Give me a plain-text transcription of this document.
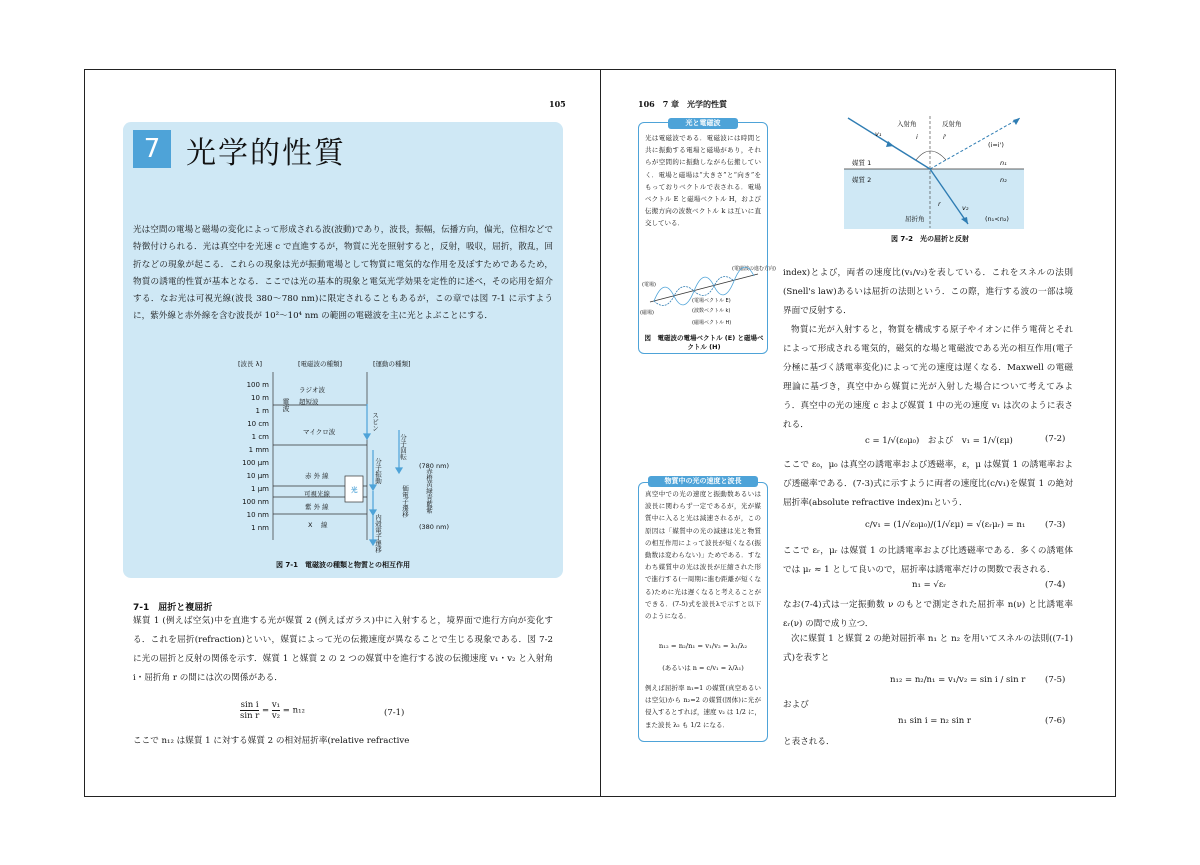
105
7 光学的性質

光は空間の電場と磁場の変化によって形成される波(波動)であり，波長，振幅，伝播方向，偏光，位相などで特徴付けられる．光は真空中を光速 c で直進するが，物質に光を照射すると，反射，吸収，屈折，散乱，回折などの現象が起こる．これらの現象は光が振動電場として物質に電気的な作用を及ぼすためであるため，物質の誘電的性質が基本となる．ここでは光の基本的現象と電気光学効果を定性的に述べ，その応用を紹介する．なお光は可視光線(波長 380～780 nm)に限定されることもあるが，この章では図 7-1 に示すように，紫外線と赤外線を含む波長が 10²～10⁴ nm の範囲の電磁波を主に光とよぶことにする．

[波長 λ]	[電磁波の種類]	[運動の種類]
100 m
10 m
1 m
10 cm
1 cm
1 mm
100 μm
10 μm
1 μm
100 nm
10 nm
1 nm
電波
ラジオ波
超短波
マイクロ波
赤 外 線
可視光線
紫 外 線
X　 線
光
スピン
分子回転
分子振動
価電子遷移
内殻電子遷移
赤橙黄緑青藍紫
(780 nm)
(380 nm)
図 7-1　電磁波の種類と物質との相互作用
7-1　屈折と複屈折

媒質 1 (例えば空気)中を直進する光が媒質 2 (例えばガラス)中に入射すると，境界面で進行方向が変化する．これを屈折(refraction)といい，媒質によって光の伝搬速度が異なることで生じる現象である．図 7-2 に光の屈折と反射の関係を示す．媒質 1 と媒質 2 の 2 つの媒質中を進行する波の伝搬速度 v₁・v₂ と入射角 i・屈折角 r の間には次の関係がある．

$\frac{\text{sin i}}{\text{sin r}} = \frac{\text{v₁}}{\text{v₂}} = n_{12}$	(7-1)

ここで n₁₂ は媒質 1 に対する媒質 2 の相対屈折率(relative refractive

106　7 章　光学的性質
光と電磁波

光は電磁波である．電磁波には時間と共に振動する電場と磁場があり，それらが空間的に振動しながら伝搬していく．電場と磁場は“大きさ”と“向き”をもっておりベクトルで表される．電場ベクトル E と磁場ベクトル H，および伝搬方向の波数ベクトル k は互いに直交している．

(電磁波の進む方向)
(電場)
(磁場)
(電場ベクトル E)
(波数ベクトル k)
(磁場ベクトル H)
図　電磁波の電場ベクトル (E) と磁場ベクトル (H)
物質中の光の速度と波長

真空中での光の速度と振動数あるいは波長に関わらず一定であるが，光が媒質中に入ると光は減速されるが，この原因は「媒質中の光の減速は光と物質の相互作用によって波長が短くなる(振動数は変わらない)」ためである．すなわち媒質中の光は波長が圧縮された形で進行する(一周期に進む距離が短くなる)ために光は遅くなると考えることができる．(7-5)式を波長λで示すと以下のようになる．

n₁₂ = n₂/n₁ = v₁/v₂ = λ₁/λ₂
(あるいは n = c/v₁ = λ/λ₁)

例えば屈折率 n₁=1 の媒質(真空あるいは空気)から n₂=2 の媒質(固体)に光が侵入するとすれば，速度 v₂ は 1/2 に，また波長 λ₂ も 1/2 になる．

入射角	反射角
i	i'
(i=i')
媒質 1
媒質 2
n₁
n₂
v₁
v₂
r
屈折角	(n₁<n₂)
図 7-2　光の屈折と反射

index)とよび，両者の速度比(v₁/v₂)を表している．これをスネルの法則(Snell's law)あるいは屈折の法則という．この際，進行する波の一部は境界面で反射する．

物質に光が入射すると，物質を構成する原子やイオンに伴う電荷とそれによって形成される電気的，磁気的な場と電磁波である光の相互作用(電子分極に基づく誘電率変化)によって光の速度は遅くなる．Maxwell の電磁理論に基づき，真空中から媒質に光が入射した場合について考えてみよう．真空中の光の速度 c および媒質 1 中の光の速度 v₁ は次のように表される．

c = 1/√(ε₀μ₀)　および　v₁ = 1/√(εμ)	(7-2)

ここで ε₀，μ₀ は真空の誘電率および透磁率，ε，μ は媒質 1 の誘電率および透磁率である．(7-3)式に示すように両者の速度比(c/v₁)を媒質 1 の絶対屈折率(absolute refractive index)n₁という．

c/v₁ = (1/√ε₀μ₀)/(1/√εμ) = √(εᵣμᵣ) = n₁ (7-3)

ここで εᵣ，μᵣ は媒質 1 の比誘電率および比透磁率である．多くの誘電体では μᵣ ≈ 1 として良いので，屈折率は誘電率だけの関数で表される．

n₁ = √εᵣ	(7-4)

なお(7-4)式は一定振動数 ν のもとで測定された屈折率 n(ν) と比誘電率 εᵣ(ν) の間で成り立つ．

次に媒質 1 と媒質 2 の絶対屈折率 n₁ と n₂ を用いてスネルの法則((7-1)式)を表すと

n₁₂ = n₂/n₁ = v₁/v₂ = sin i / sin r (7-5)
および
n₁ sin i = n₂ sin r	(7-6)
と表される．
